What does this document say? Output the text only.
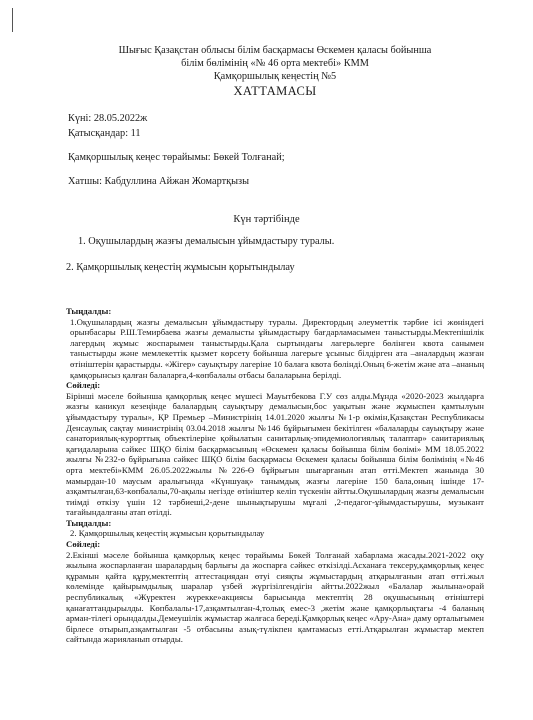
Шығыс Қазақстан облысы білім басқармасы Өскемен қаласы бойынша
білім бөлімінің «№ 46 орта мектебі» КММ
Қамқоршылық кеңестің №5
ХАТТАМАСЫ
Күні: 28.05.2022ж
Қатысқандар: 11
Қамқоршылық кеңес төрайымы: Бөкей Толғанай;
Хатшы: Кабдуллина Айжан Жомартқызы
Күн тәртібінде
1. Оқушылардың жазғы демалысын ұйымдастыру туралы.
2. Қамқоршылық кеңестің жұмысын қорытындылау

Тыңдалды:

1.Оқушылардың жазғы демалысын ұйымдастыру туралы. Директордың әлеуметтік тәрбие ісі жөніндегі орынбасары Р.Ш.Темирбаева жазғы демалысты ұйымдастыру бағдарламасымен таныстырды.Мектепішілік лагердың жұмыс жоспарымен таныстырды.Қала сыртындағы лагерьлерге бөлінген квота санымен таныстырды және мемлекеттік қызмет көрсету бойынша лагерьге ұсыныс білдірген ата –аналардың жазған өтініштерін қарастырды. «Жігер» сауықтыру лагеріне 10 балаға квота бөлінді.Оның 6-жетім және ата –ананың қамқорынсыз қалған балаларға,4-көпбалалы отбасы балаларына берілді.

Сөйледі:

Бірінші мәселе бойынша қамқорлық кеңес мүшесі Мауытбекова Г.У сөз алды.Мұнда «2020-2023 жылдарға жазғы каникул кезеңінде балалардың сауықтыру демалысын,бос уақытын және жұмыспен қамтылуын ұйымдастыру туралы», ҚР Премьер –Министрінің 14.01.2020 жылғы №1-р өкімін,Қазақстан Республикасы Денсаулық сақтау министрінің 03.04.2018 жылғы №146 бұйрығымен бекітілген «балаларды сауықтыру және санаториялық-курорттық объектілеріне қойылатын санитарлық-эпидемиологиялық талаптар» санитариялық қағидаларына сәйкес ШҚО білім басқармасының «Өскемен қаласы бойынша білім бөлімі» ММ 18.05.2022 жылғы №232-ө бұйрығына сәйкес ШҚО білім басқармасы Өскемен қаласы бойынша білім бөлімінің «№46 орта мектебі»КММ 26.05.2022жылы №226-Ө бұйрығын шығарғанын атап өтті.Мектеп жанында 30 мамырдан-10 маусым аралығында «Күншуақ» танымдық жазғы лагеріне 150 бала,оның ішінде 17-азқамтылған,63-көпбалалы,70-ақылы негізде өтініштер келіп түскенін айтты.Оқушылардың жазғы демалысын тиімді өткізу үшін 12 тәрбиеші,2-дене шынықтырушы мұғалі ,2-педагог-ұйымдастырушы, музыкант тағайындалғаны атап өтілді.

Тыңдалды:

2. Қамқоршылық кеңестің жұмысын қорытындылау

Сөйледі:

2.Екінші мәселе бойынша қамқорлық кеңес төрайымы Бөкей Толғанай хабарлама жасады.2021-2022 оқу жылына жоспарланған шаралардың барлығы да жоспарға сәйкес өткізілді.Асханаға тексеру,қамқорлық кеңес құрамын қайта құру,мектептің аттестациядан өтуі сияқты жұмыстардың атқарылғанын атап өтті.жыл көлемінде қайырымдылық шаралар үзбей жүргізілгендігін айтты.2022жыл «Балалар жылына»орай республикалық «Жүректен жүрекке»акциясы барысында мектептің 28 оқушысының өтініштері қанағаттандырылды. Көпбалалы-17,азқамтылған-4,толық емес-3 ,жетім және қамқорлықтағы -4 баланың арман-тілегі орындалды.Демеушілік жұмыстар жалғаса береді.Қамқорлық кеңес «Ару-Ана» даму орталығымен бірлесе отырып,азқамтылған -5 отбасыны азық-түлікпен қамтамасыз етті.Атқарылған жұмыстар мектеп сайтында жарияланып отырды.
